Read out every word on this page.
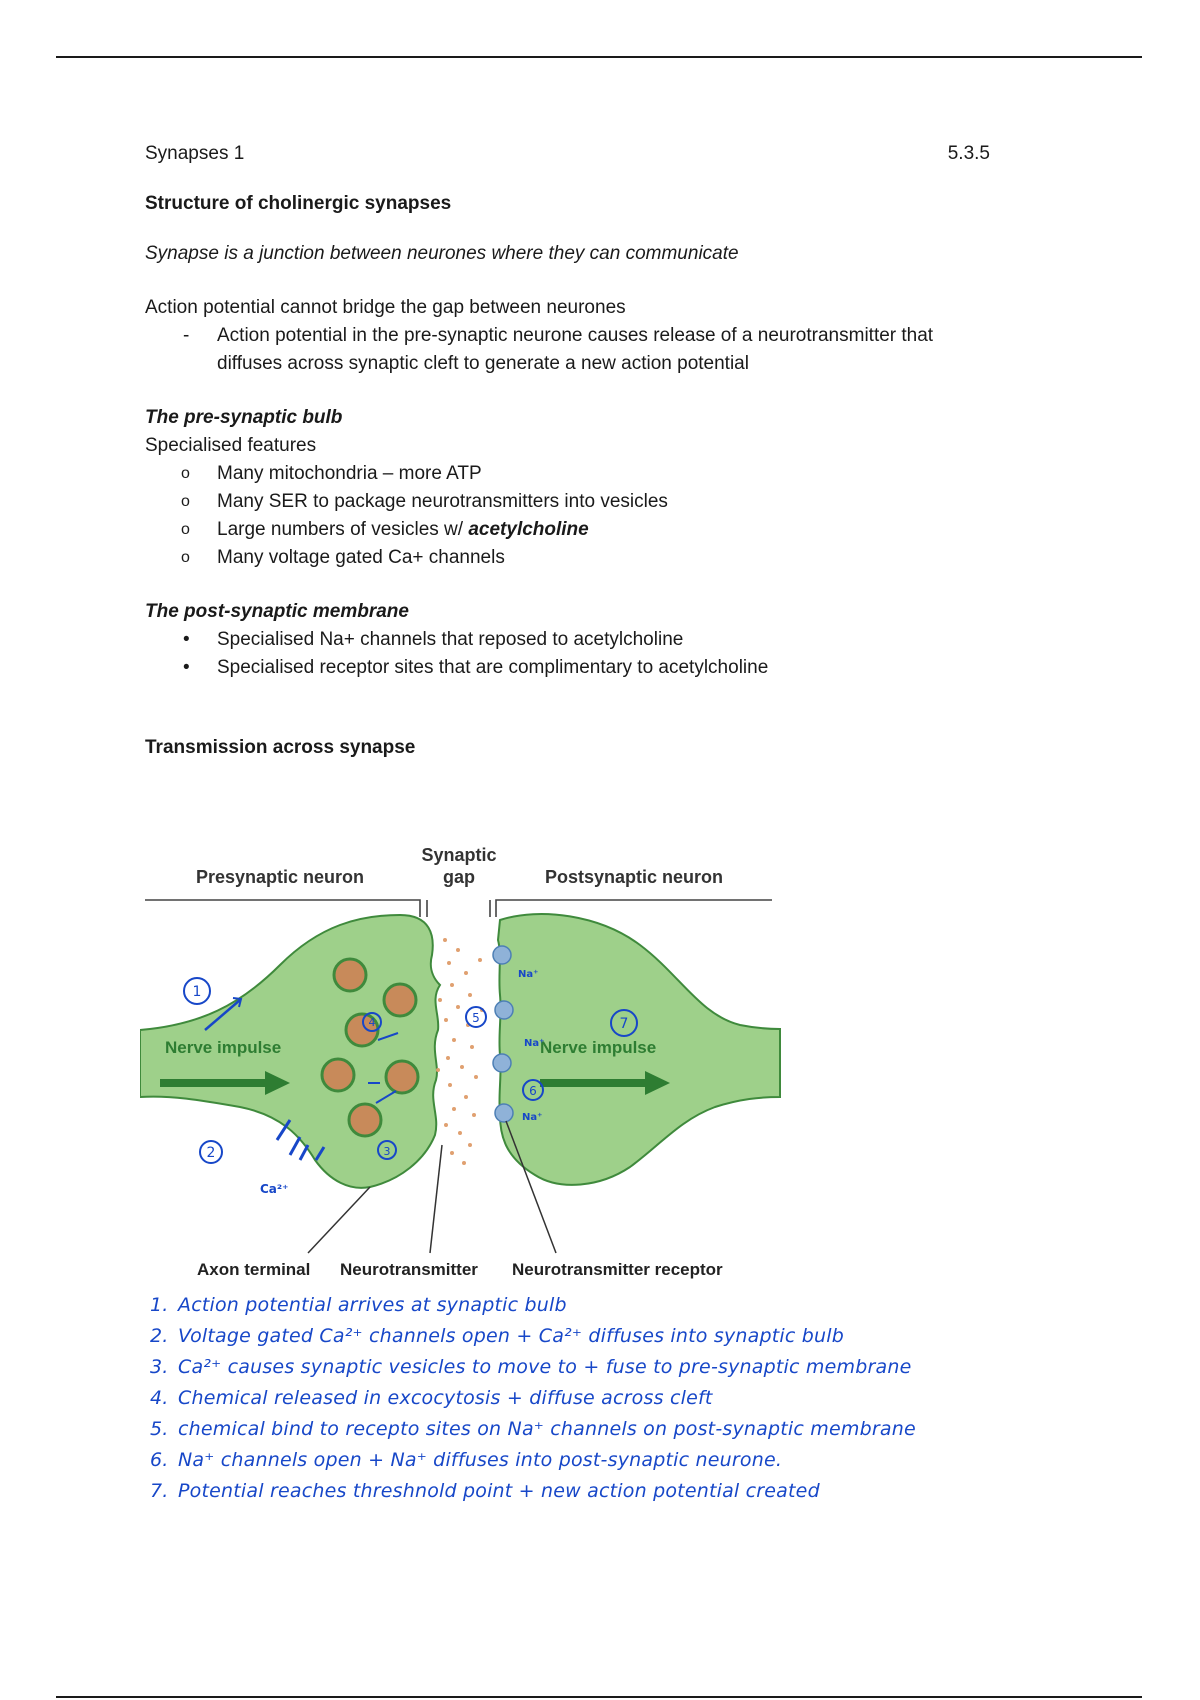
Synapses 1	5.3.5

Structure of cholinergic synapses

Synapse is a junction between neurones where they can communicate

Action potential cannot bridge the gap between neurones

- Action potential in the pre-synaptic neurone causes release of a neurotransmitter that diffuses across synaptic cleft to generate a new action potential

The pre-synaptic bulb

Specialised features

o Many mitochondria – more ATP
o Many SER to package neurotransmitters into vesicles
o Large numbers of vesicles w/ acetylcholine
o Many voltage gated Ca+ channels

The post-synaptic membrane

• Specialised Na+ channels that reposed to acetylcholine
• Specialised receptor sites that are complimentary to acetylcholine

Transmission across synapse

Presynaptic neuron
Synaptic
gap	Postsynaptic neuron
Nerve impulse	Nerve impulse
1
2	3
4	5
6
7
Ca²⁺
Na⁺
Na⁺
Na⁺
Axon terminal Neurotransmitter Neurotransmitter receptor
1. Action potential arrives at synaptic bulb
2. Voltage gated Ca²⁺ channels open + Ca²⁺ diffuses into synaptic bulb
3. Ca²⁺ causes synaptic vesicles to move to + fuse to pre-synaptic membrane
4. Chemical released in excocytosis + diffuse across cleft
5. chemical bind to recepto sites on Na⁺ channels on post-synaptic membrane
6. Na⁺ channels open + Na⁺ diffuses into post-synaptic neurone.
7. Potential reaches threshnold point + new action potential created
